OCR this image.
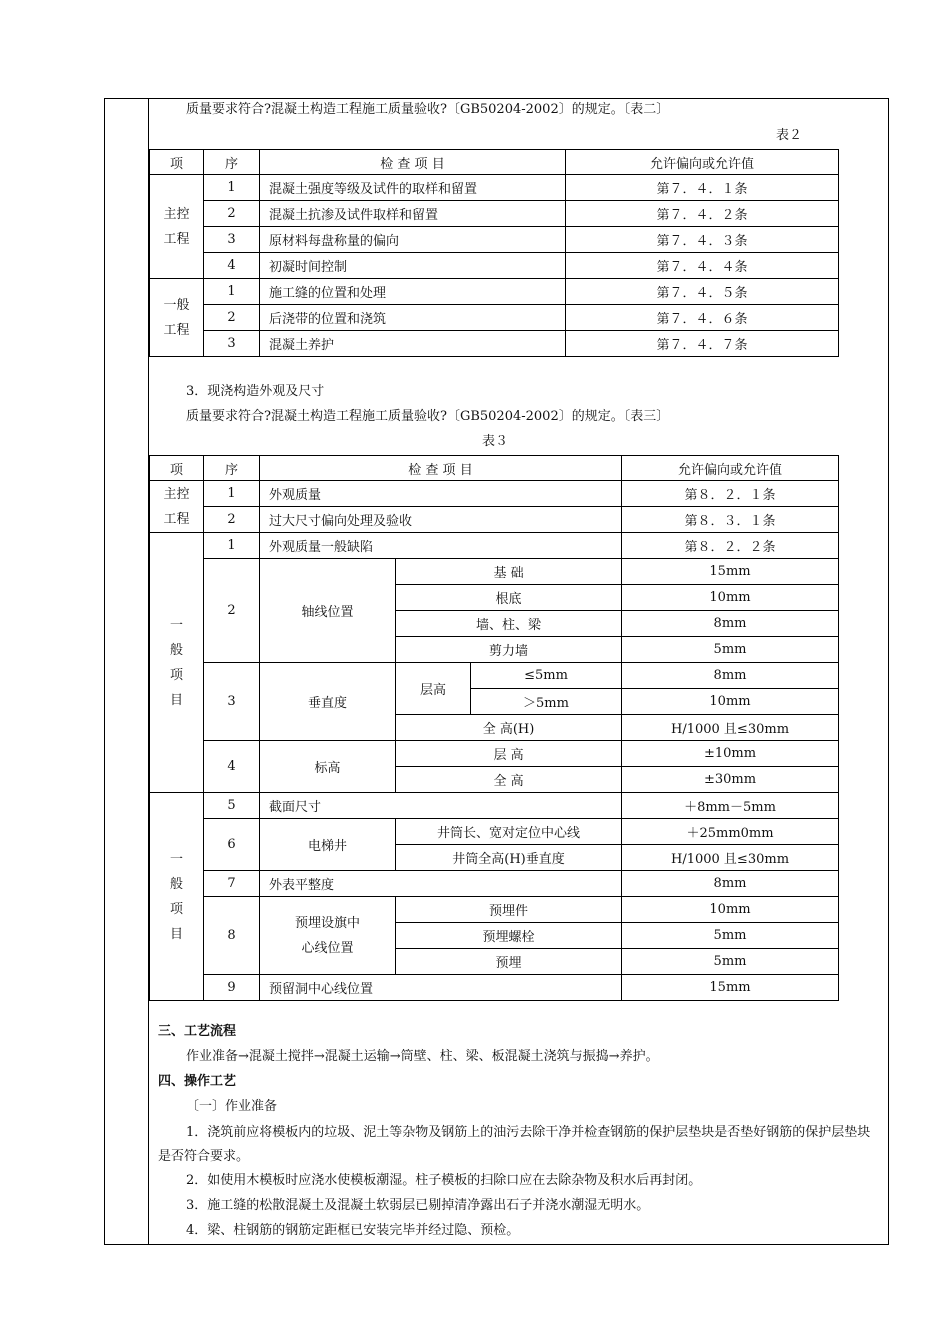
质量要求符合?混凝土构造工程施工质量验收?〔GB50204-2002〕的规定。〔表二〕
表２
项	序	检 查 项 目	允许偏向或允许值

主控
工程	1	混凝土强度等级及试件的取样和留置	第７．４．１条
	2	混凝土抗渗及试件取样和留置	第７．４．２条
	3	原材料每盘称量的偏向	第７．４．３条
	4	初凝时间控制	第７．４．４条

一般
工程	1	施工缝的位置和处理	第７．４．５条
	2	后浇带的位置和浇筑	第７．４．６条
	3	混凝土养护	第７．４．７条
3．现浇构造外观及尺寸
质量要求符合?混凝土构造工程施工质量验收?〔GB50204-2002〕的规定。〔表三〕
表３
项	序	检 查 项 目			允许偏向或允许值

主控
工程	1	外观质量			第８．２．１条
	2	过大尺寸偏向处理及验收			第８．３．１条

一
般
项
目	1	外观质量一般缺陷			第８．２．２条
	2	轴线位置	基 础		15mm
			根底		10mm
			墙、柱、梁		8mm
			剪力墙		5mm
	3	垂直度	层高	≤5mm	8mm
				＞5mm	10mm
			全 高(H)		H/1000 且≤30mm
	4	标高	层 高		±10mm
			全 高		±30mm

一
般
项
目	5	截面尺寸			＋8mm－5mm
	6	电梯井	井筒长、宽对定位中心线		＋25mm0mm
			井筒全高(H)垂直度		H/1000 且≤30mm
	7	外表平整度			8mm
	8	预埋设旗中
心线位置	预埋件		10mm
			预埋螺栓		5mm
			预埋		5mm
	9	预留洞中心线位置			15mm
三、工艺流程
作业准备→混凝土搅拌→混凝土运输→筒壁、柱、梁、板混凝土浇筑与振捣→养护。
四、操作工艺
〔一〕作业准备
1．浇筑前应将模板内的垃圾、泥土等杂物及钢筋上的油污去除干净并检查钢筋的保护层垫块是否垫好钢筋的保护层垫块是否符合要求。
2．如使用木模板时应浇水使模板潮湿。柱子模板的扫除口应在去除杂物及积水后再封闭。
3．施工缝的松散混凝土及混凝土软弱层已剔掉清净露出石子并浇水潮湿无明水。
4．梁、柱钢筋的钢筋定距框已安装完毕并经过隐、预检。
